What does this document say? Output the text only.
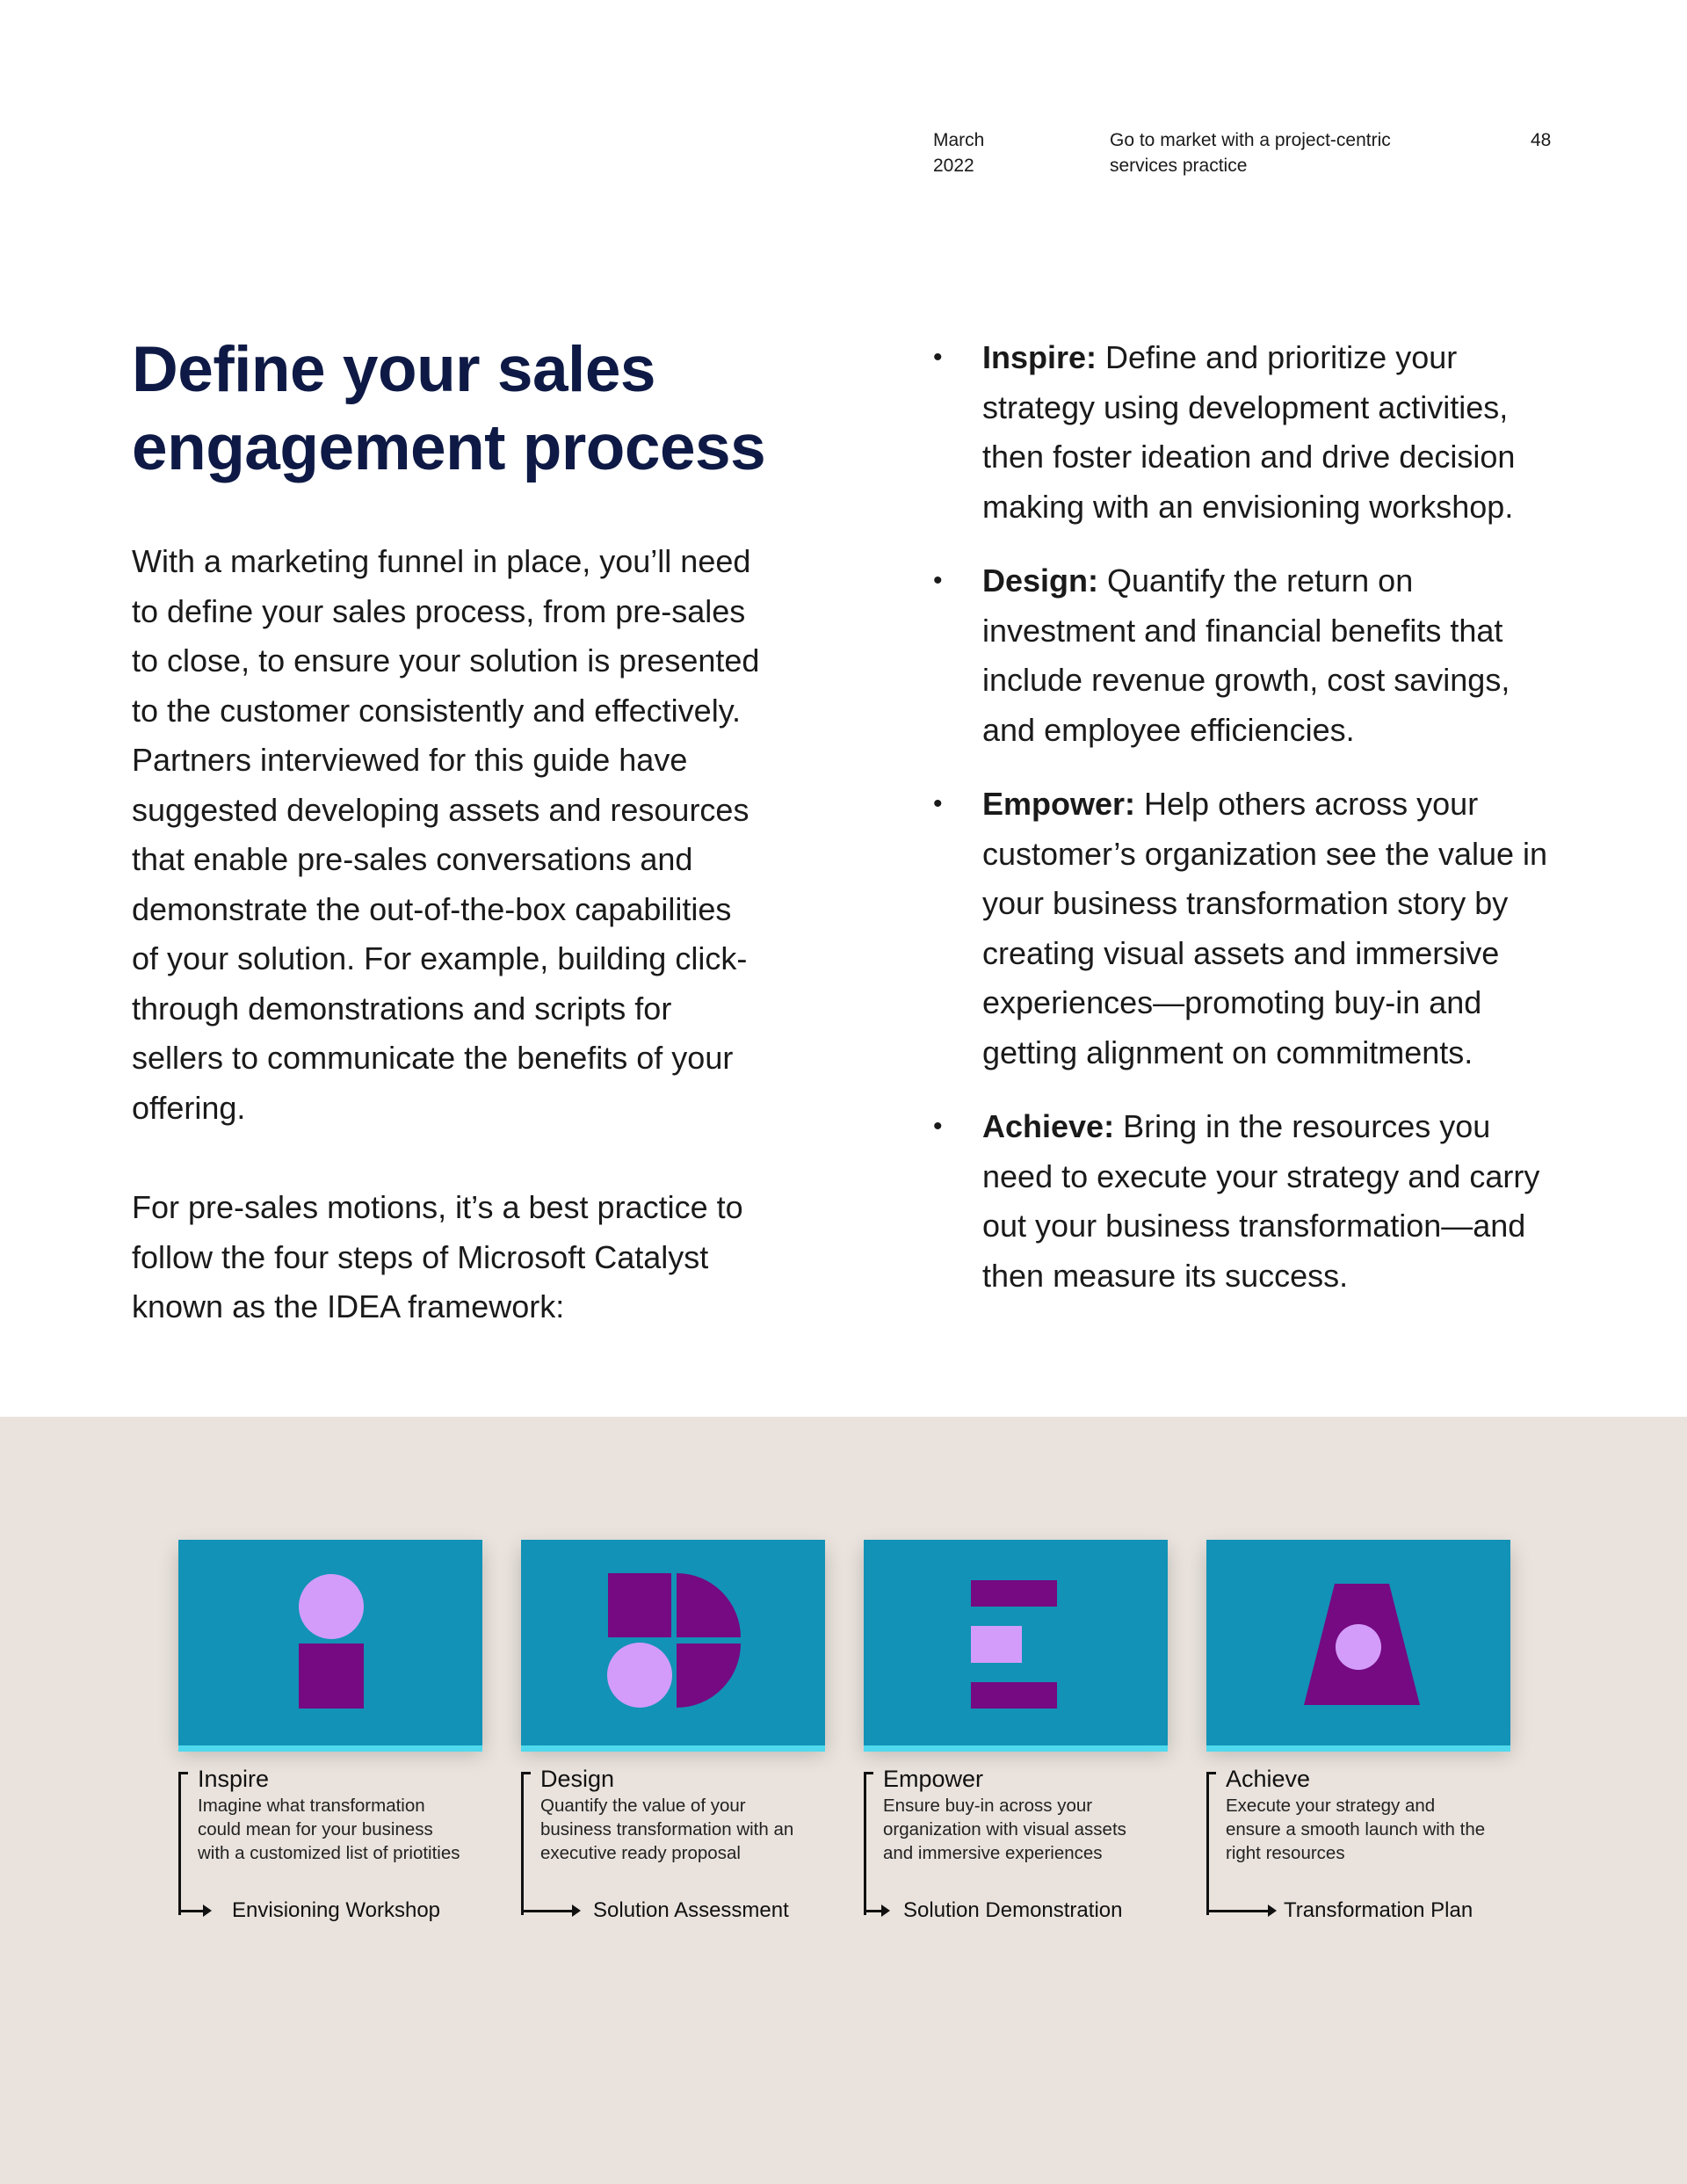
March
2022
Go to market with a project-centric
services practice
48
Define your sales
engagement process

With a marketing funnel in place, you’ll need to define your sales process, from pre-sales to close, to ensure your solution is presented to the customer consistently and effectively. Partners interviewed for this guide have suggested developing assets and resources that enable pre-sales conversations and demonstrate the out-of-the-box capabilities of your solution. For example, building click-through demonstrations and scripts for sellers to communicate the benefits of your offering.

For pre-sales motions, it’s a best practice to follow the four steps of Microsoft Catalyst known as the IDEA framework:

• Inspire: Define and prioritize your strategy using development activities, then foster ideation and drive decision making with an envisioning workshop.
• Design: Quantify the return on investment and financial benefits that include revenue growth, cost savings, and employee efficiencies.
• Empower: Help others across your customer’s organization see the value in your business transformation story by creating visual assets and immersive experiences—promoting buy-in and getting alignment on commitments.
• Achieve: Bring in the resources you need to execute your strategy and carry out your business transformation—and then measure its success.
Inspire
Imagine what transformation could mean for your business with a customized list of priotities
Envisioning Workshop
Design
Quantify the value of your business transformation with an executive ready proposal
Solution Assessment
Empower
Ensure buy-in across your organization with visual assets and immersive experiences
Solution Demonstration
Achieve
Execute your strategy and ensure a smooth launch with the right resources
Transformation Plan
